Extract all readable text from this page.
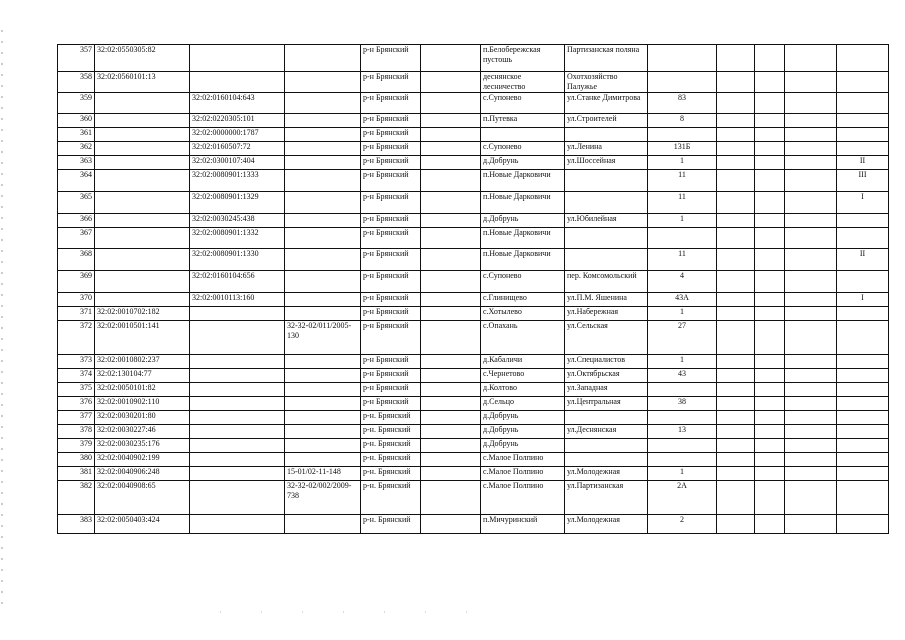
357	32:02:0550305:82			р-н Брянский		п.Белобережская пустошь	Партизанская поляна					
358	32:02:0560101:13			р-н Брянский		деснянское лесничество	Охотхозяйство Палужье					
359		32:02:0160104:643		р-н Брянский		с.Супонево	ул.Станке Димитрова	83				
360		32:02:0220305:101		р-н Брянский		п.Путевка	ул.Строителей	8				
361		32:02:0000000:1787		р-н Брянский								
362		32:02:0160507:72		р-н Брянский		с.Супонево	ул.Ленина	131Б				
363		32:02:0300107:404		р-н Брянский		д.Добрунь	ул.Шоссейная	1				II
364		32:02:0080901:1333		р-н Брянский		п.Новые Дарковичи		11				III
365		32:02:0080901:1329		р-н Брянский		п.Новые Дарковичи		11				I
366		32:02:0030245:438		р-н Брянский		д.Добрунь	ул.Юбилейная	1				
367		32:02:0080901:1332		р-н Брянский		п.Новые Дарковичи						
368		32:02:0080901:1330		р-н Брянский		п.Новые Дарковичи		11				II
369		32:02:0160104:656		р-н Брянский		с.Супонево	пер. Комсомольский	4				
370		32:02:0010113:160		р-н Брянский		с.Глинищево	ул.П.М. Яшенина	43А				I
371	32:02:0010702:182			р-н Брянский		с.Хотылево	ул.Набережная	1				
372	32:02:0010501:141		32-32-02/011/2005-130	р-н Брянский		с.Опахань	ул.Сельская	27				
373	32:02:0010802:237			р-н Брянский		д.Кабаличи	ул.Специалистов	1				
374	32:02:130104:77			р-н Брянский		с.Чернетово	ул.Октябрьская	43				
375	32:02:0050101:82			р-н Брянский		д.Колтово	ул.Западная					
376	32:02:0010902:110			р-н Брянский		д.Сельцо	ул.Центральная	38				
377	32:02:0030201:80			р-н. Брянский		д.Добрунь						
378	32:02:0030227:46			р-н. Брянский		д.Добрунь	ул.Деснянская	13				
379	32:02:0030235:176			р-н. Брянский		д.Добрунь						
380	32:02:0040902:199			р-н. Брянский		с.Малое Полпино						
381	32:02:0040906:248		15-01/02-11-148	р-н. Брянский		с.Малое Полпино	ул.Молодежная	1				
382	32:02:0040908:65		32-32-02/002/2009-738	р-н. Брянский		с.Малое Полпино	ул.Партизанская	2А				
383	32:02:0050403:424			р-н. Брянский		п.Мичуринский	ул.Молодежная	2				
